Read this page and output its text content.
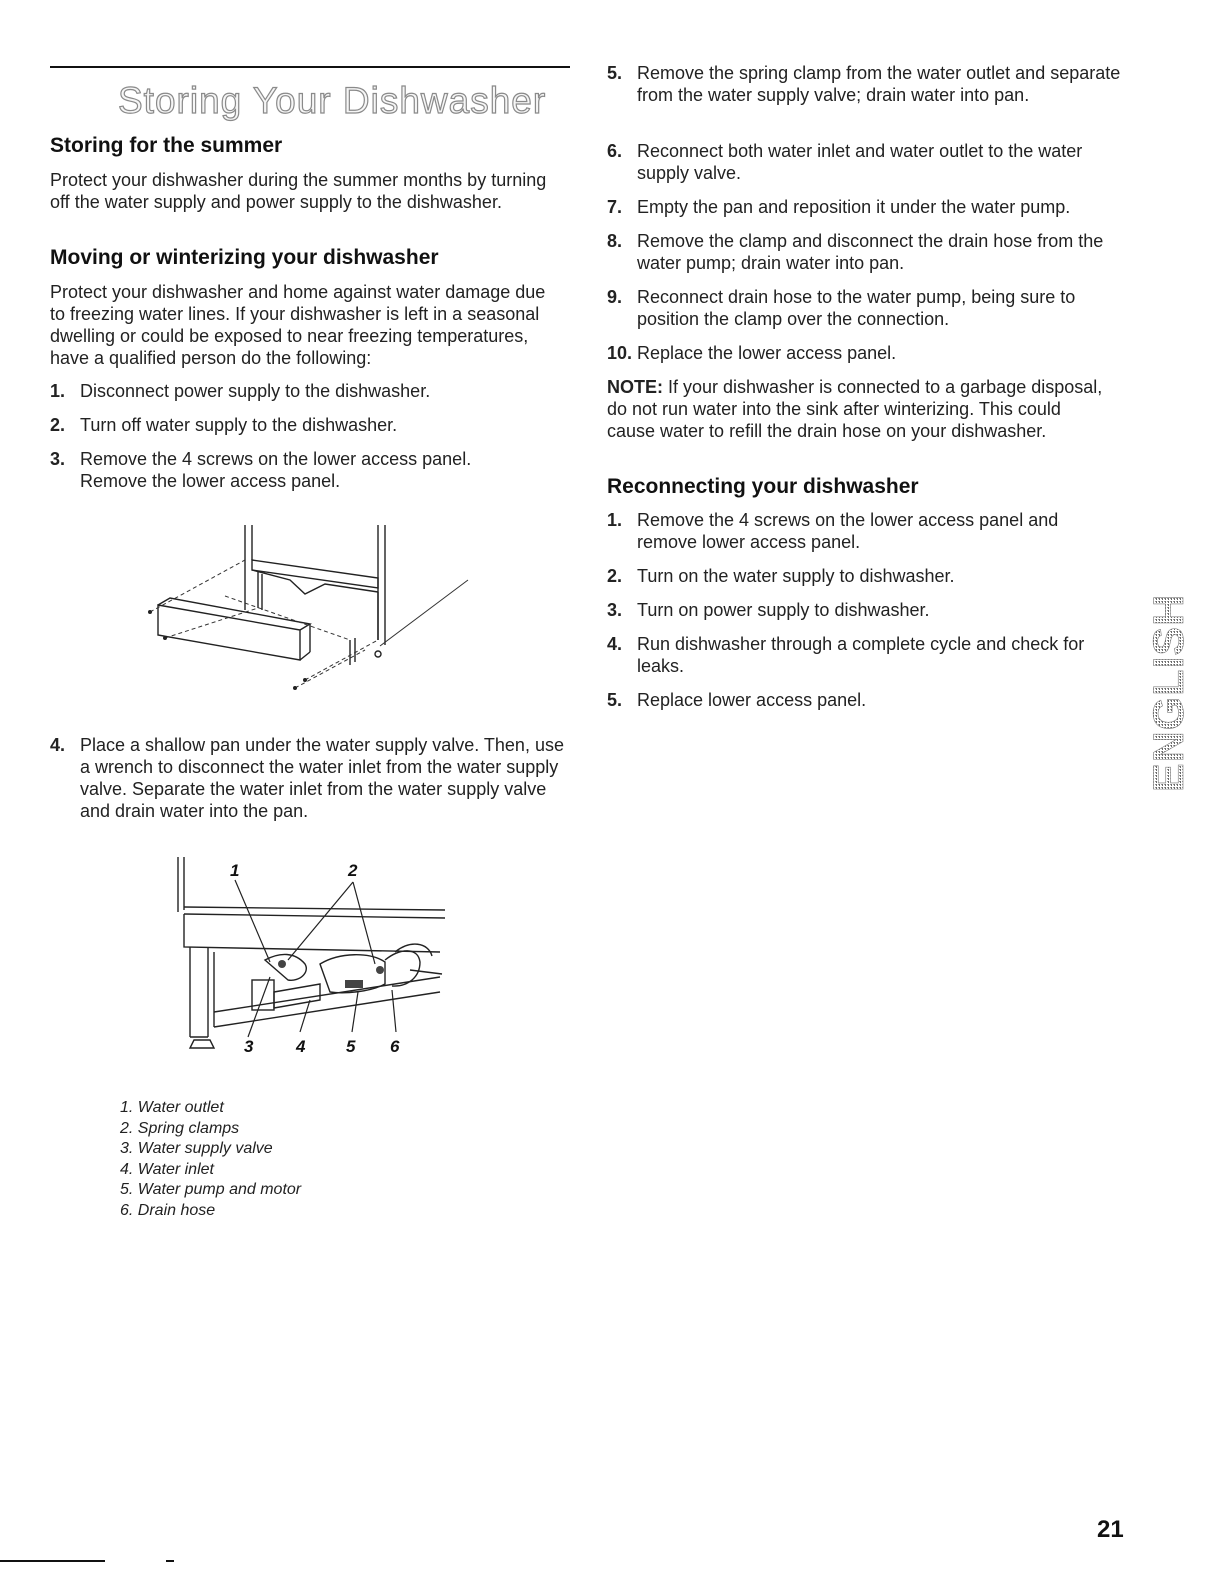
Storing Your Dishwasher
Storing for the summer
Protect your dishwasher during the summer months by turning off the water supply and power supply to the dishwasher.
Moving or winterizing your dishwasher
Protect your dishwasher and home against water damage due to freezing water lines. If your dishwasher is left in a seasonal dwelling or could be exposed to near freezing temperatures, have a qualified person do the following:
1. Disconnect power supply to the dishwasher.
2. Turn off water supply to the dishwasher.
3. Remove the 4 screws on the lower access panel. Remove the lower access panel.
4. Place a shallow pan under the water supply valve. Then, use a wrench to disconnect the water inlet from the water supply valve. Separate the water inlet from the water supply valve and drain water into the pan.
1	2
3	4 5 6
1. Water outlet
2. Spring clamps
3. Water supply valve
4. Water inlet
5. Water pump and motor
6. Drain hose
5. Remove the spring clamp from the water outlet and separate from the water supply valve; drain water into pan.
6. Reconnect both water inlet and water outlet to the water supply valve.
7. Empty the pan and reposition it under the water pump.
8. Remove the clamp and disconnect the drain hose from the water pump; drain water into pan.
9. Reconnect drain hose to the water pump, being sure to position the clamp over the connection.
10. Replace the lower access panel.
NOTE: If your dishwasher is connected to a garbage disposal, do not run water into the sink after winterizing. This could cause water to refill the drain hose on your dishwasher.
Reconnecting your dishwasher
1. Remove the 4 screws on the lower access panel and remove lower access panel.
2. Turn on the water supply to dishwasher.
3. Turn on power supply to dishwasher.
4. Run dishwasher through a complete cycle and check for leaks.
5. Replace lower access panel.	ENGLISH
21
